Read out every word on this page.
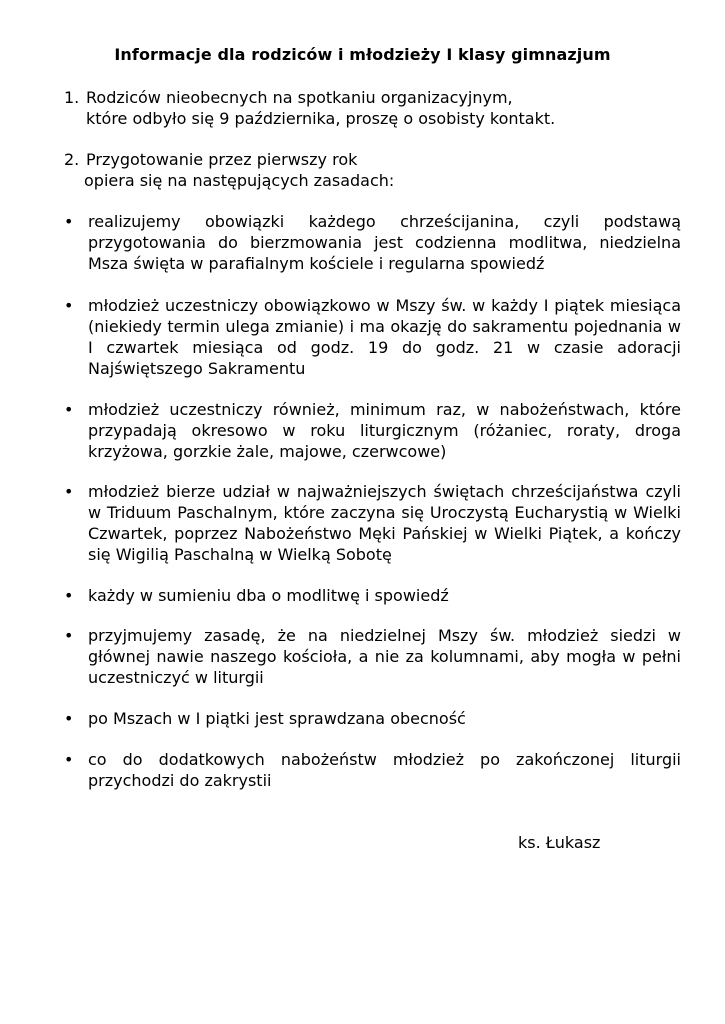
Informacje dla rodziców i młodzieży I klasy gimnazjum
1. Rodziców nieobecnych na spotkaniu organizacyjnym,
które odbyło się 9 października, proszę o osobisty kontakt.
2. Przygotowanie przez pierwszy rok
opiera się na następujących zasadach:
• realizujemy obowiązki każdego chrześcijanina, czyli podstawą przygotowania do bierzmowania jest codzienna modlitwa, niedzielna Msza święta w parafialnym kościele i regularna spowiedź
• młodzież uczestniczy obowiązkowo w Mszy św. w każdy I piątek miesiąca (niekiedy termin ulega zmianie) i ma okazję do sakramentu pojednania w I czwartek miesiąca od godz. 19 do godz. 21 w czasie adoracji Najświętszego Sakramentu
• młodzież uczestniczy również, minimum raz, w nabożeństwach, które przypadają okresowo w roku liturgicznym (różaniec, roraty, droga krzyżowa, gorzkie żale, majowe, czerwcowe)
• młodzież bierze udział w najważniejszych świętach chrześcijaństwa czyli w Triduum Paschalnym, które zaczyna się Uroczystą Eucharystią w Wielki Czwartek, poprzez Nabożeństwo Męki Pańskiej w Wielki Piątek, a kończy się Wigilią Paschalną w Wielką Sobotę
• każdy w sumieniu dba o modlitwę i spowiedź
• przyjmujemy zasadę, że na niedzielnej Mszy św. młodzież siedzi w głównej nawie naszego kościoła, a nie za kolumnami, aby mogła w pełni uczestniczyć w liturgii
• po Mszach w I piątki jest sprawdzana obecność
• co do dodatkowych nabożeństw młodzież po zakończonej liturgii przychodzi do zakrystii
ks. Łukasz
